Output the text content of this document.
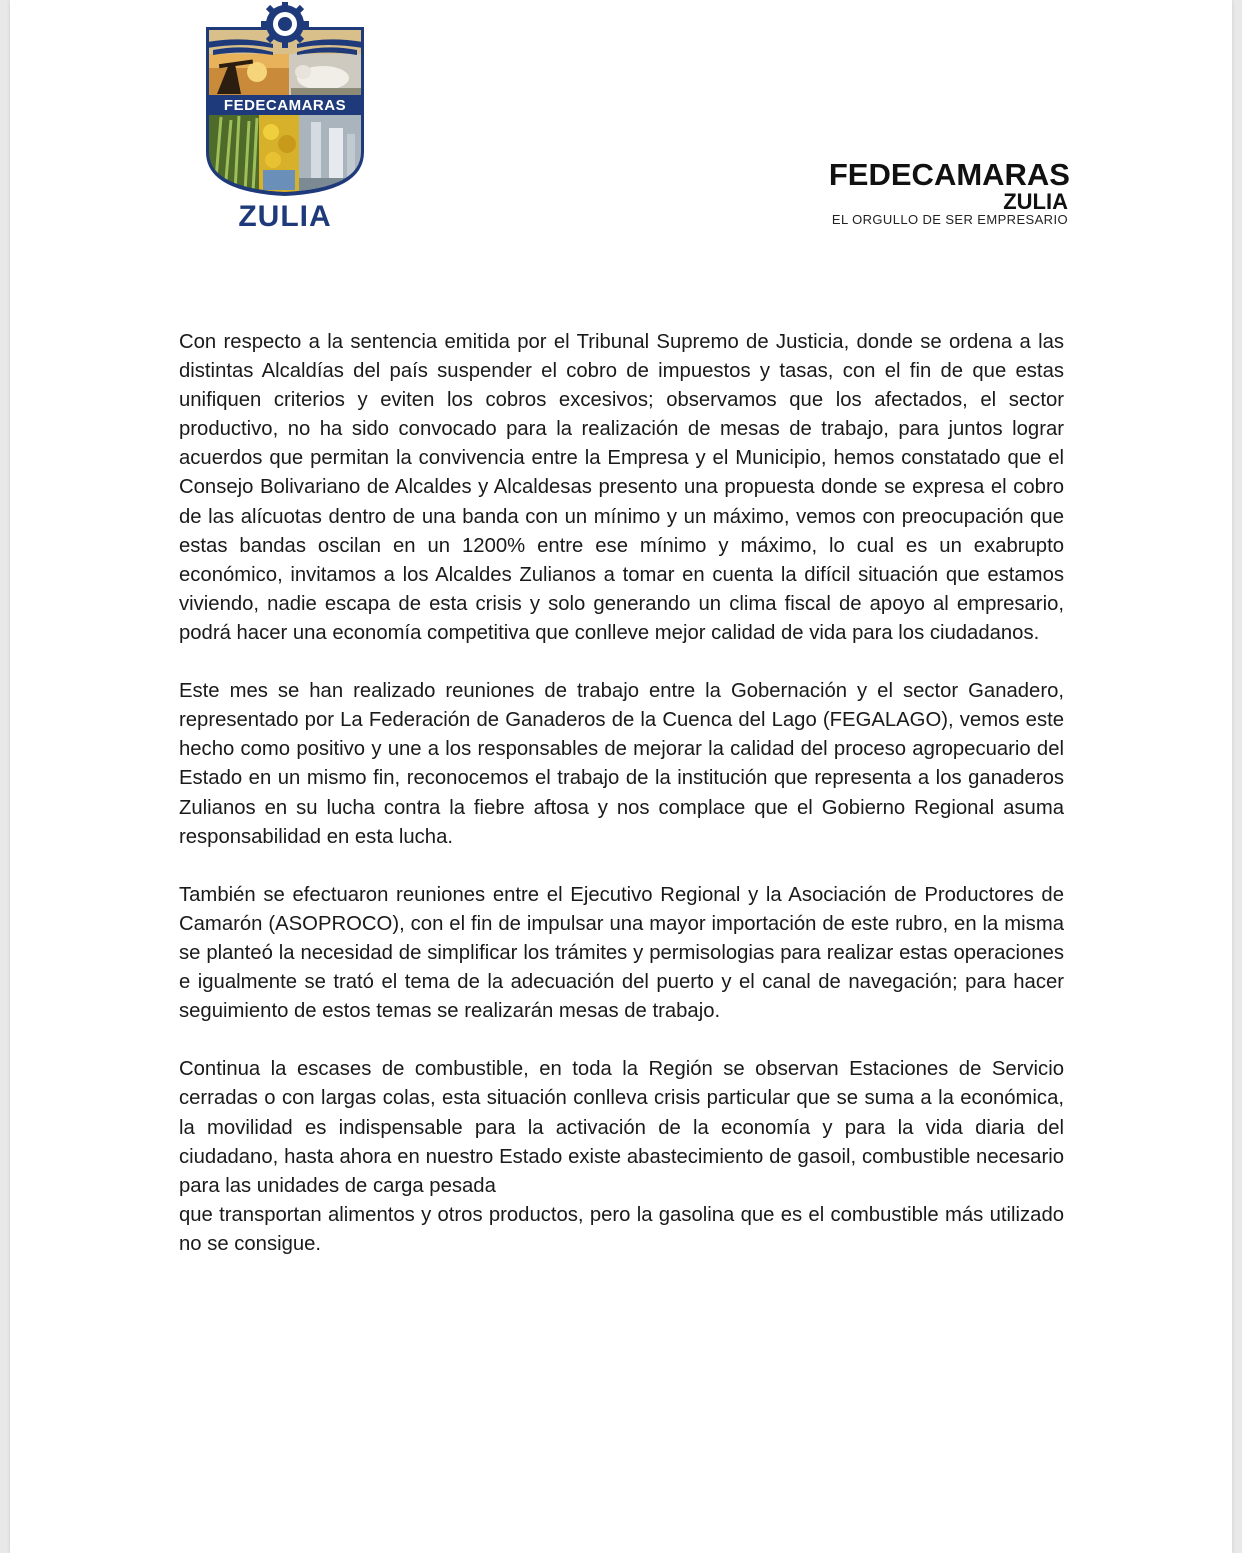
FEDECAMARAS
ZULIA
FEDECAMARAS
ZULIA
EL ORGULLO DE SER EMPRESARIO

Con respecto a la sentencia emitida por el Tribunal Supremo de Justicia, donde se ordena a las distintas Alcaldías del país suspender el cobro de impuestos y tasas, con el fin de que estas unifiquen criterios y eviten los cobros excesivos; observamos que los afectados, el sector productivo, no ha sido convocado para la realización de mesas de trabajo, para juntos lograr acuerdos que permitan la convivencia entre la Empresa y el Municipio, hemos constatado que el Consejo Bolivariano de Alcaldes y Alcaldesas presento una propuesta donde se expresa el cobro de las alícuotas dentro de una banda con un mínimo y un máximo, vemos con preocupación que estas bandas oscilan en un 1200% entre ese mínimo y máximo, lo cual es un exabrupto económico, invitamos a los Alcaldes Zulianos a tomar en cuenta la difícil situación que estamos viviendo, nadie escapa de esta crisis y solo generando un clima fiscal de apoyo al empresario, podrá hacer una economía competitiva que conlleve mejor calidad de vida para los ciudadanos.

Este mes se han realizado reuniones de trabajo entre la Gobernación y el sector Ganadero, representado por La Federación de Ganaderos de la Cuenca del Lago (FEGALAGO), vemos este hecho como positivo y une a los responsables de mejorar la calidad del proceso agropecuario del Estado en un mismo fin, reconocemos el trabajo de la institución que representa a los ganaderos Zulianos en su lucha contra la fiebre aftosa y nos complace que el Gobierno Regional asuma responsabilidad en esta lucha.

También se efectuaron reuniones entre el Ejecutivo Regional y la Asociación de Productores de Camarón (ASOPROCO), con el fin de impulsar una mayor importación de este rubro, en la misma se planteó la necesidad de simplificar los trámites y permisologias para realizar estas operaciones e igualmente se trató el tema de la adecuación del puerto y el canal de navegación; para hacer seguimiento de estos temas se realizarán mesas de trabajo.

Continua la escases de combustible, en toda la Región se observan Estaciones de Servicio cerradas o con largas colas, esta situación conlleva crisis particular que se suma a la económica, la movilidad es indispensable para la activación de la economía y para la vida diaria del ciudadano, hasta ahora en nuestro Estado existe abastecimiento de gasoil, combustible necesario para las unidades de carga pesada
que transportan alimentos y otros productos, pero la gasolina que es el combustible más utilizado no se consigue.
